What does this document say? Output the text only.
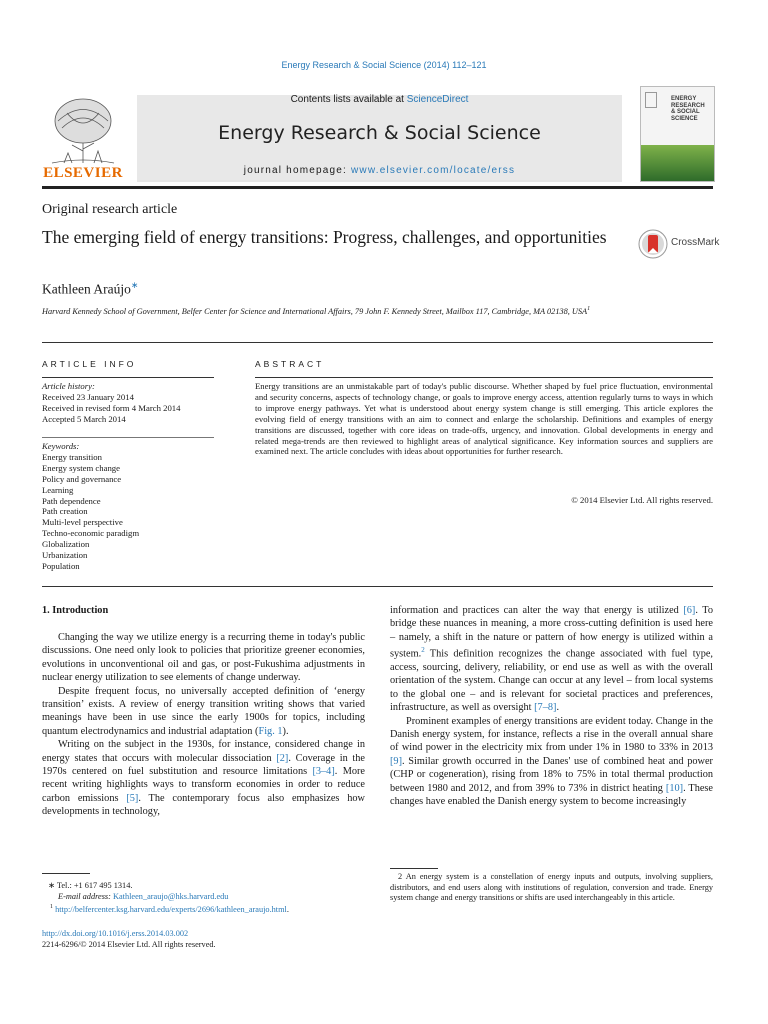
Energy Research & Social Science (2014) 112–121
ELSEVIER
Contents lists available at ScienceDirect
Energy Research & Social Science
journal homepage: www.elsevier.com/locate/erss
ENERGY
RESEARCH
& SOCIAL
SCIENCE
Original research article
The emerging field of energy transitions: Progress, challenges, and opportunities	CrossMark
Kathleen Araújo∗
Harvard Kennedy School of Government, Belfer Center for Science and International Affairs, 79 John F. Kennedy Street, Mailbox 117, Cambridge, MA 02138, USA$^1$
ARTICLE INFO
Article history:
Received 23 January 2014
Received in revised form 4 March 2014
Accepted 5 March 2014
Keywords:
Energy transition
Energy system change
Policy and governance
Learning
Path dependence
Path creation
Multi-level perspective
Techno-economic paradigm
Globalization
Urbanization
Population
ABSTRACT
Energy transitions are an unmistakable part of today's public discourse. Whether shaped by fuel price fluctuation, environmental and security concerns, aspects of technology change, or goals to improve energy access, attention regularly turns to ways in which to improve energy pathways. Yet what is understood about energy system change is still emerging. This article explores the evolving field of energy transitions with an aim to connect and enlarge the scholarship. Definitions and examples of energy transitions are discussed, together with core ideas on trade-offs, urgency, and innovation. Global developments in energy and related mega-trends are then reviewed to highlight areas of analytical significance. Key information sources and suppliers are examined next. The article concludes with ideas about opportunities for further research.
© 2014 Elsevier Ltd. All rights reserved.
1. Introduction

Changing the way we utilize energy is a recurring theme in today's public discussions. One need only look to policies that prioritize greener economies, evolutions in unconventional oil and gas, or post-Fukushima adjustments in nuclear energy utilization to see elements of change underway.

Despite frequent focus, no universally accepted definition of ‘energy transition’ exists. A review of energy transition writing shows that varied meanings have been in use since the early 1900s for topics, including quantum electrodynamics and industrial adaptation (Fig. 1).

Writing on the subject in the 1930s, for instance, considered change in energy states that occurs with molecular dissociation [2]. Coverage in the 1970s centered on fuel substitution and resource limitations [3–4]. More recent writing highlights ways to transform economies in order to reduce carbon emissions [5]. The contemporary focus also emphasizes how developments in technology,

information and practices can alter the way that energy is utilized [6]. To bridge these nuances in meaning, a more cross-cutting definition is used here – namely, a shift in the nature or pattern of how energy is utilized within a system.$^2$ This definition recognizes the change associated with fuel type, access, sourcing, delivery, reliability, or end use as well as with the overall orientation of the system. Change can occur at any level – from local systems to the global one – and is relevant for societal practices and preferences, infrastructure, as well as oversight [7–8].

Prominent examples of energy transitions are evident today. Change in the Danish energy system, for instance, reflects a rise in the overall annual share of wind power in the electricity mix from under 1% in 1980 to 33% in 2013 [9]. Similar growth occurred in the Danes' use of combined heat and power (CHP or cogeneration), rising from 18% to 75% in total thermal production between 1980 and 2012, and from 39% to 73% in district heating [10]. These changes have enabled the Danish energy system to become increasingly

∗ Tel.: +1 617 495 1314.
E-mail address: Kathleen_araujo@hks.harvard.edu
$^1$ http://belfercenter.ksg.harvard.edu/experts/2696/kathleen_araujo.html.
2 An energy system is a constellation of energy inputs and outputs, involving suppliers, distributors, and end users along with institutions of regulation, conversion and trade. Energy system change and energy transitions or shifts are used interchangeably in this article.
http://dx.doi.org/10.1016/j.erss.2014.03.002
2214-6296/© 2014 Elsevier Ltd. All rights reserved.
